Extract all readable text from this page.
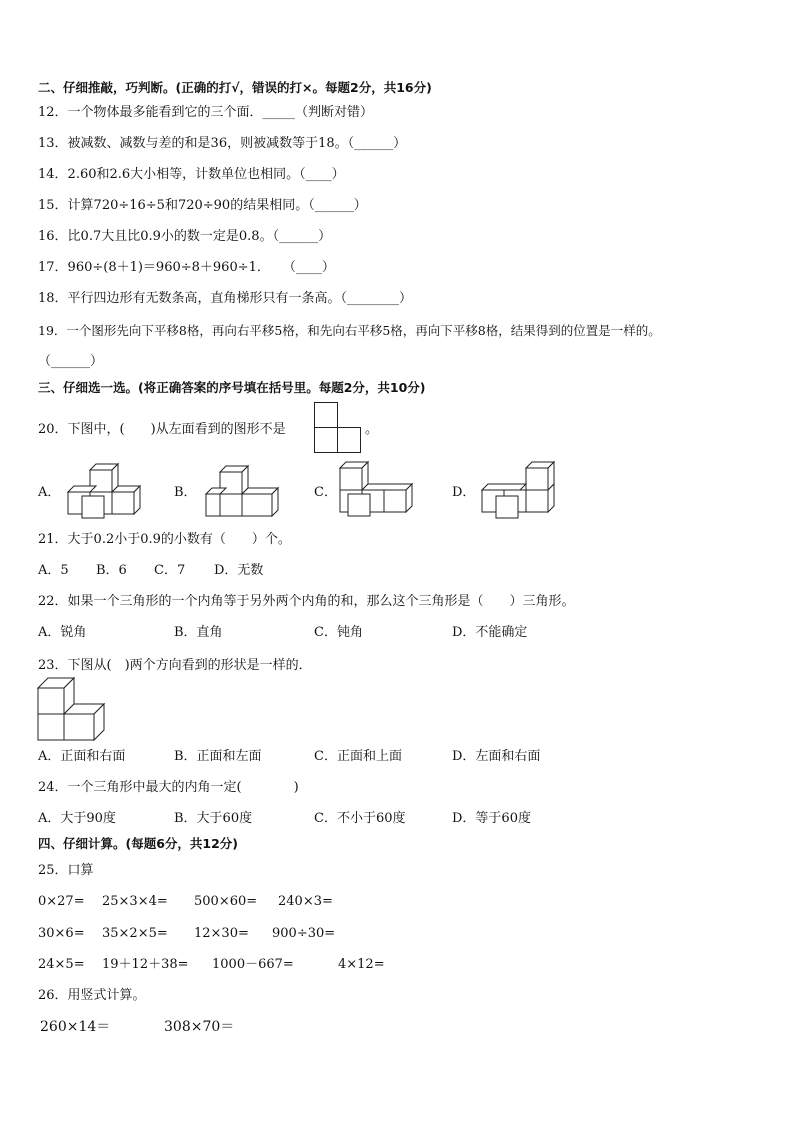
二、仔细推敲，巧判断。(正确的打√，错误的打×。每题2分，共16分)
12．一个物体最多能看到它的三个面．_____（判断对错）
13．被减数、减数与差的和是36，则被减数等于18。（______）
14．2.60和2.6大小相等，计数单位也相同。（____）
15．计算720÷16÷5和720÷90的结果相同。（______）
16．比0.7大且比0.9小的数一定是0.8。（______）
17．960÷(8＋1)＝960÷8＋960÷1．　　（____）
18．平行四边形有无数条高，直角梯形只有一条高。（________）
19．一个图形先向下平移8格，再向右平移5格，和先向右平移5格，再向下平移8格，结果得到的位置是一样的。
（______）
三、仔细选一选。(将正确答案的序号填在括号里。每题2分，共10分)
20．下图中，(　　)从左面看到的图形不是	。
A．	B．	C．	D．
21．大于0.2小于0.9的小数有（　　）个。
A．5 B．6 C．7 D．无数
22．如果一个三角形的一个内角等于另外两个内角的和，那么这个三角形是（　　）三角形。
A．锐角	B．直角	C．钝角	D．不能确定
23．下图从(　)两个方向看到的形状是一样的．
A．正面和右面	B．正面和左面	C．正面和上面	D．左面和右面
24．一个三角形中最大的内角一定(　　　　)
A．大于90度	B．大于60度	C．不小于60度	D．等于60度
四、仔细计算。(每题6分，共12分)
25．口算
0×27= 25×3×4= 500×60= 240×3=
30×6= 35×2×5= 12×30= 900÷30=
24×5= 19＋12＋38= 1000－667=	4×12=
26．用竖式计算。
260×14＝	308×70＝
